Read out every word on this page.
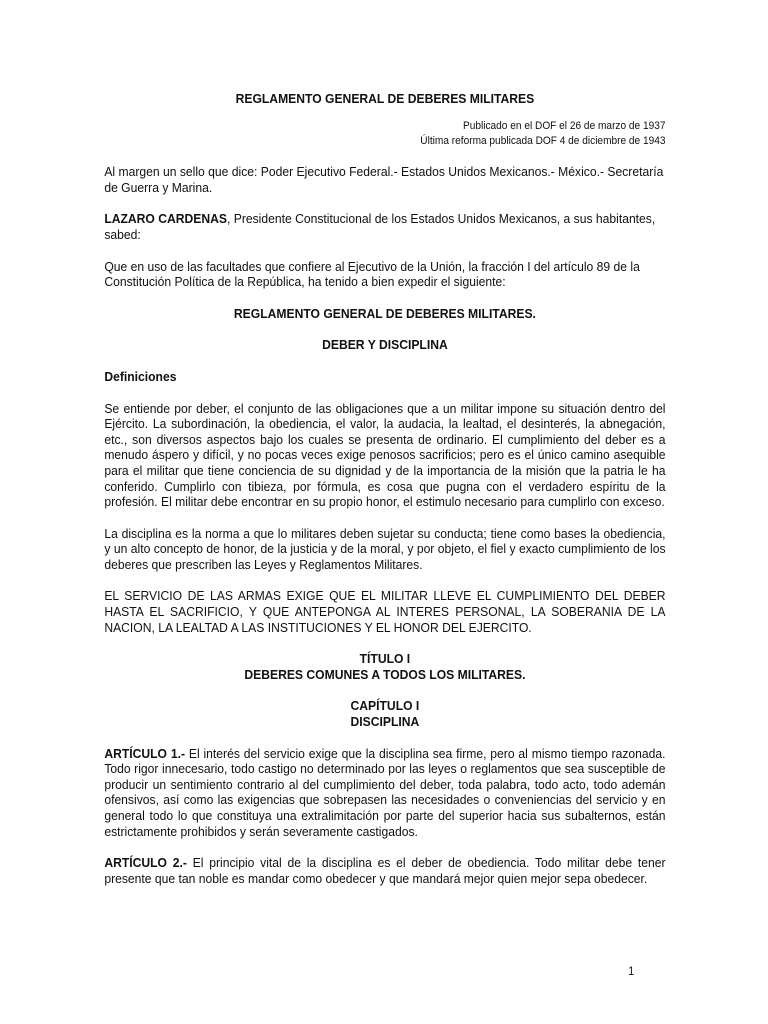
REGLAMENTO GENERAL DE DEBERES MILITARES
Publicado en el DOF el 26 de marzo de 1937
Última reforma publicada DOF 4 de diciembre de 1943

Al margen un sello que dice: Poder Ejecutivo Federal.- Estados Unidos Mexicanos.- México.- Secretaría de Guerra y Marina.

LAZARO CARDENAS, Presidente Constitucional de los Estados Unidos Mexicanos, a sus habitantes, sabed:

Que en uso de las facultades que confiere al Ejecutivo de la Unión, la fracción I del artículo 89 de la Constitución Política de la República, ha tenido a bien expedir el siguiente:

REGLAMENTO GENERAL DE DEBERES MILITARES.
DEBER Y DISCIPLINA
Definiciones

Se entiende por deber, el conjunto de las obligaciones que a un militar impone su situación dentro del Ejército. La subordinación, la obediencia, el valor, la audacia, la lealtad, el desinterés, la abnegación, etc., son diversos aspectos bajo los cuales se presenta de ordinario. El cumplimiento del deber es a menudo áspero y difícil, y no pocas veces exige penosos sacrificios; pero es el único camino asequible para el militar que tiene conciencia de su dignidad y de la importancia de la misión que la patria le ha conferido. Cumplirlo con tibieza, por fórmula, es cosa que pugna con el verdadero espíritu de la profesión. El militar debe encontrar en su propio honor, el estimulo necesario para cumplirlo con exceso.

La disciplina es la norma a que lo militares deben sujetar su conducta; tiene como bases la obediencia, y un alto concepto de honor, de la justicia y de la moral, y por objeto, el fiel y exacto cumplimiento de los deberes que prescriben las Leyes y Reglamentos Militares.

EL SERVICIO DE LAS ARMAS EXIGE QUE EL MILITAR LLEVE EL CUMPLIMIENTO DEL DEBER HASTA EL SACRIFICIO, Y QUE ANTEPONGA AL INTERES PERSONAL, LA SOBERANIA DE LA NACION, LA LEALTAD A LAS INSTITUCIONES Y EL HONOR DEL EJERCITO.

TÍTULO I
DEBERES COMUNES A TODOS LOS MILITARES.
CAPÍTULO I
DISCIPLINA

ARTÍCULO 1.- El interés del servicio exige que la disciplina sea firme, pero al mismo tiempo razonada. Todo rigor innecesario, todo castigo no determinado por las leyes o reglamentos que sea susceptible de producir un sentimiento contrario al del cumplimiento del deber, toda palabra, todo acto, todo ademán ofensivos, así como las exigencias que sobrepasen las necesidades o conveniencias del servicio y en general todo lo que constituya una extralimitación por parte del superior hacia sus subalternos, están estrictamente prohibidos y serán severamente castigados.

ARTÍCULO 2.- El principio vital de la disciplina es el deber de obediencia. Todo militar debe tener presente que tan noble es mandar como obedecer y que mandará mejor quien mejor sepa obedecer.

1
